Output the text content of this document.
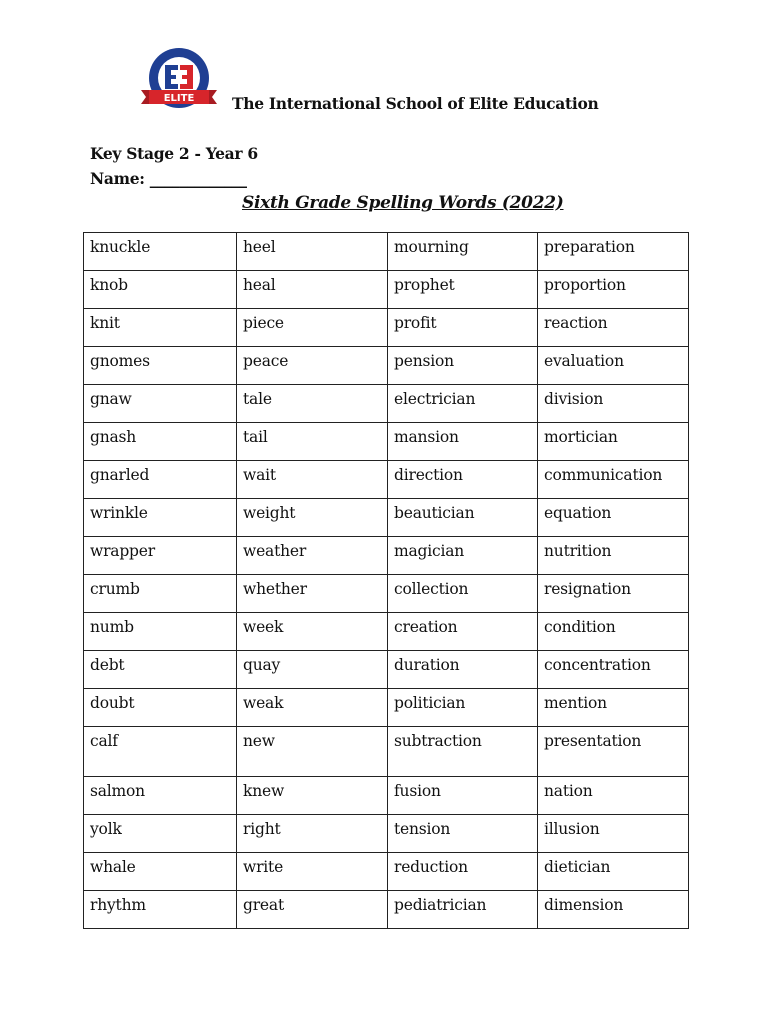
ELITE The International School of Elite Education
Key Stage 2 - Year 6
Name: _____________
Sixth Grade Spelling Words (2022)
knuckle	heel	mourning	preparation
knob	heal	prophet	proportion
knit	piece	profit	reaction
gnomes	peace	pension	evaluation
gnaw	tale	electrician	division
gnash	tail	mansion	mortician
gnarled	wait	direction	communication
wrinkle	weight	beautician	equation
wrapper	weather	magician	nutrition
crumb	whether	collection	resignation
numb	week	creation	condition
debt	quay	duration	concentration
doubt	weak	politician	mention
calf	new	subtraction	presentation
salmon	knew	fusion	nation
yolk	right	tension	illusion
whale	write	reduction	dietician
rhythm	great	pediatrician	dimension
